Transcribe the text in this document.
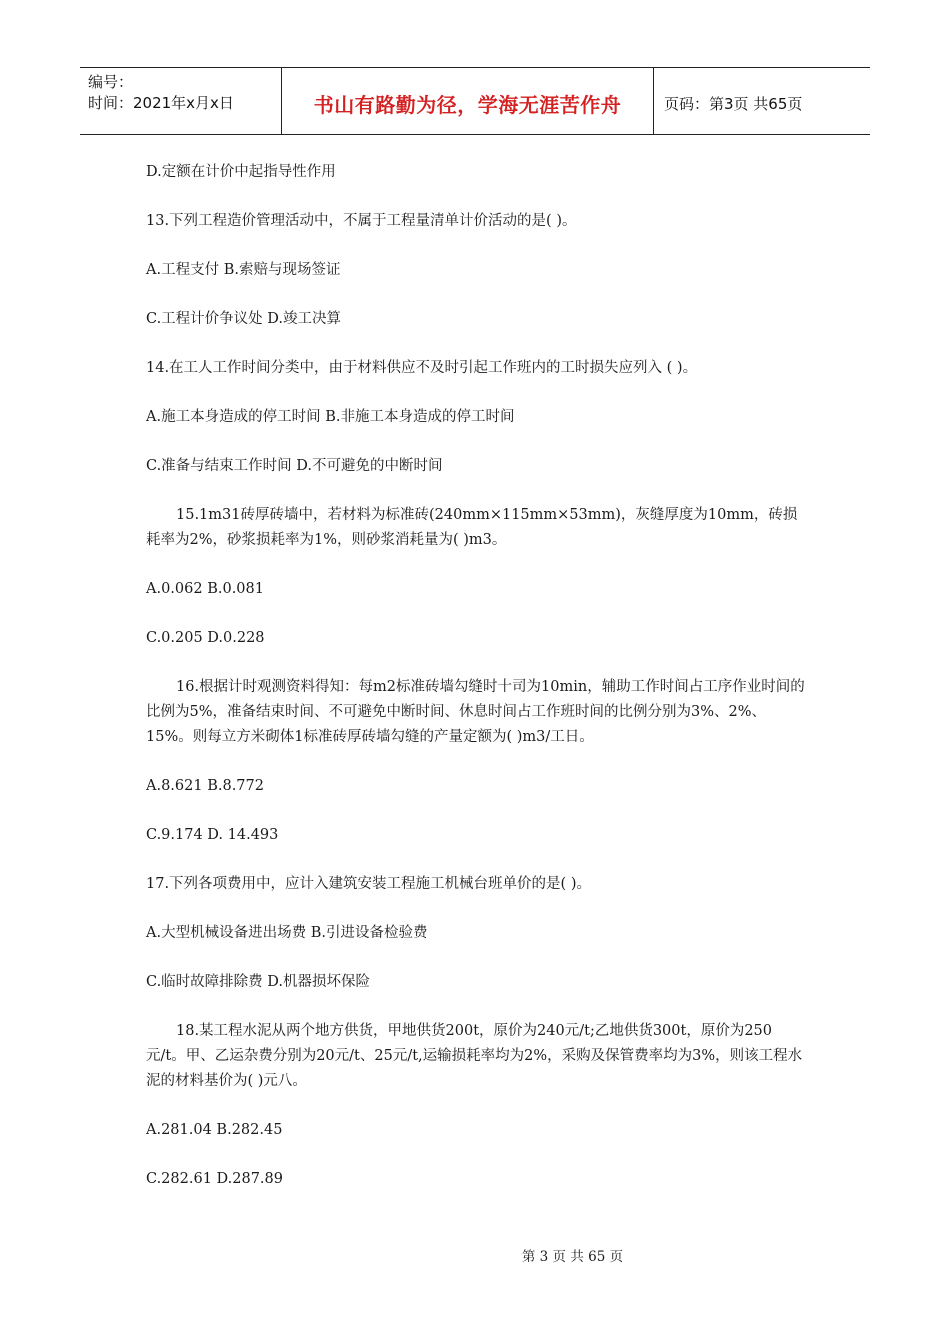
编号：
时间：2021年x月x日	书山有路勤为径，学海无涯苦作舟	页码：第3页 共65页

D.定额在计价中起指导性作用

13.下列工程造价管理活动中，不属于工程量清单计价活动的是( )。

A.工程支付 B.索赔与现场签证

C.工程计价争议处 D.竣工决算

14.在工人工作时间分类中，由于材料供应不及时引起工作班内的工时损失应列入 ( )。

A.施工本身造成的停工时间 B.非施工本身造成的停工时间

C.准备与结束工作时间 D.不可避免的中断时间

15.1m31砖厚砖墙中，若材料为标准砖(240mm×115mm×53mm)，灰缝厚度为10mm，砖损耗率为2%，砂浆损耗率为1%，则砂浆消耗量为( )m3。

A.0.062 B.0.081

C.0.205 D.0.228

16.根据计时观测资料得知：每m2标准砖墙勾缝时十司为10min，辅助工作时间占工序作业时间的比例为5%，准备结束时间、不可避免中断时间、休息时间占工作班时间的比例分别为3%、2%、15%。则每立方米砌体1标准砖厚砖墙勾缝的产量定额为( )m3/工日。

A.8.621 B.8.772

C.9.174 D. 14.493

17.下列各项费用中，应计入建筑安装工程施工机械台班单价的是( )。

A.大型机械设备进出场费 B.引进设备检验费

C.临时故障排除费 D.机器损坏保险

18.某工程水泥从两个地方供货，甲地供货200t，原价为240元/t;乙地供货300t，原价为250元/t。甲、乙运杂费分别为20元/t、25元/t,运输损耗率均为2%，采购及保管费率均为3%，则该工程水泥的材料基价为( )元八。

A.281.04 B.282.45

C.282.61 D.287.89

第 3 页 共 65 页
